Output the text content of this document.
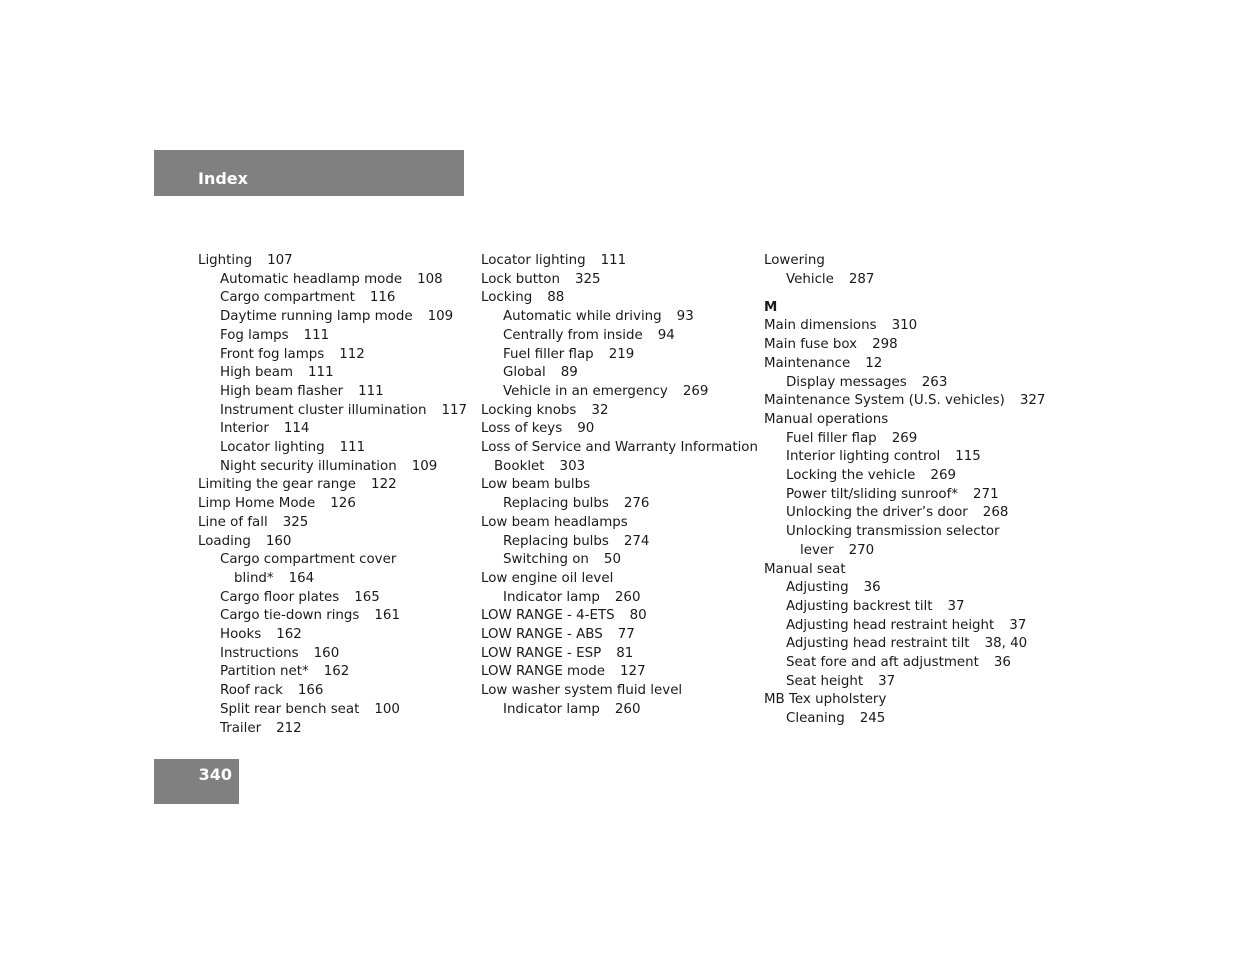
Index
Lighting 107
Automatic headlamp mode 108
Cargo compartment 116
Daytime running lamp mode 109
Fog lamps 111
Front fog lamps 112
High beam 111
High beam flasher 111
Instrument cluster illumination 117
Interior 114
Locator lighting 111
Night security illumination 109
Limiting the gear range 122
Limp Home Mode 126
Line of fall 325
Loading 160
Cargo compartment cover
blind* 164
Cargo floor plates 165
Cargo tie-down rings 161
Hooks 162
Instructions 160
Partition net* 162
Roof rack 166
Split rear bench seat 100
Trailer 212
Locator lighting 111
Lock button 325
Locking 88
Automatic while driving 93
Centrally from inside 94
Fuel filler flap 219
Global 89
Vehicle in an emergency 269
Locking knobs 32
Loss of keys 90
Loss of Service and Warranty Information
Booklet 303
Low beam bulbs
Replacing bulbs 276
Low beam headlamps
Replacing bulbs 274
Switching on 50
Low engine oil level
Indicator lamp 260
LOW RANGE - 4-ETS 80
LOW RANGE - ABS 77
LOW RANGE - ESP 81
LOW RANGE mode 127
Low washer system fluid level
Indicator lamp 260
Lowering
Vehicle 287
M
Main dimensions 310
Main fuse box 298
Maintenance 12
Display messages 263
Maintenance System (U.S. vehicles) 327
Manual operations
Fuel filler flap 269
Interior lighting control 115
Locking the vehicle 269
Power tilt/sliding sunroof* 271
Unlocking the driver’s door 268
Unlocking transmission selector
lever 270
Manual seat
Adjusting 36
Adjusting backrest tilt 37
Adjusting head restraint height 37
Adjusting head restraint tilt 38, 40
Seat fore and aft adjustment 36
Seat height 37
MB Tex upholstery
Cleaning 245
340
